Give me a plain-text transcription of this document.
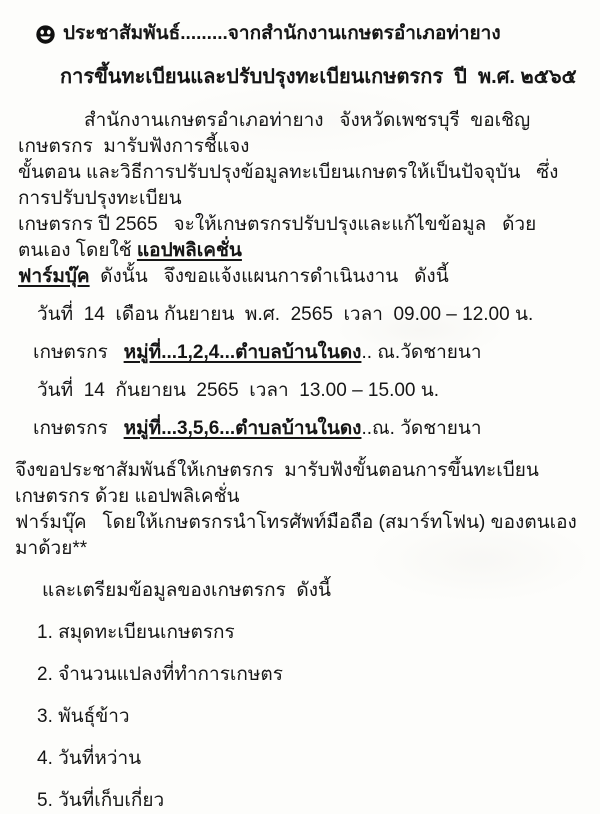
ประชาสัมพันธ์.........จากสำนักงานเกษตรอำเภอท่ายาง
การขึ้นทะเบียนและปรับปรุงทะเบียนเกษตรกร  ปี  พ.ศ. ๒๕๖๕
สำนักงานเกษตรอำเภอท่ายาง   จังหวัดเพชรบุรี  ขอเชิญเกษตรกร  มารับฟังการชี้แจง
ขั้นตอน และวิธีการปรับปรุงข้อมูลทะเบียนเกษตรให้เป็นปัจจุบัน   ซึ่งการปรับปรุงทะเบียน
เกษตรกร ปี 2565   จะให้เกษตรกรปรับปรุงและแก้ไขข้อมูล   ด้วยตนเอง โดยใช้ แอปพลิเคชั่น
ฟาร์มบุ๊ค  ดังนั้น   จึงขอแจ้งแผนการดำเนินงาน   ดังนี้
วันที่  14  เดือน กันยายน  พ.ศ.  2565  เวลา  09.00 – 12.00 น.
เกษตรกร   หมู่ที่...1,2,4...ตำบลบ้านในดง.. ณ.วัดชายนา
วันที่  14  กันยายน  2565  เวลา  13.00 – 15.00 น.
เกษตรกร   หมู่ที่...3,5,6...ตำบลบ้านในดง..ณ. วัดชายนา
จึงขอประชาสัมพันธ์ให้เกษตรกร  มารับฟังขั้นตอนการขึ้นทะเบียนเกษตรกร ด้วย แอปพลิเคชั่น
ฟาร์มบุ๊ค   โดยให้เกษตรกรนำโทรศัพท์มือถือ (สมาร์ทโฟน) ของตนเองมาด้วย**
และเตรียมข้อมูลของเกษตรกร  ดังนี้
1. สมุดทะเบียนเกษตรกร
2. จำนวนแปลงที่ทำการเกษตร
3. พันธุ์ข้าว
4. วันที่หว่าน
5. วันที่เก็บเกี่ยว
